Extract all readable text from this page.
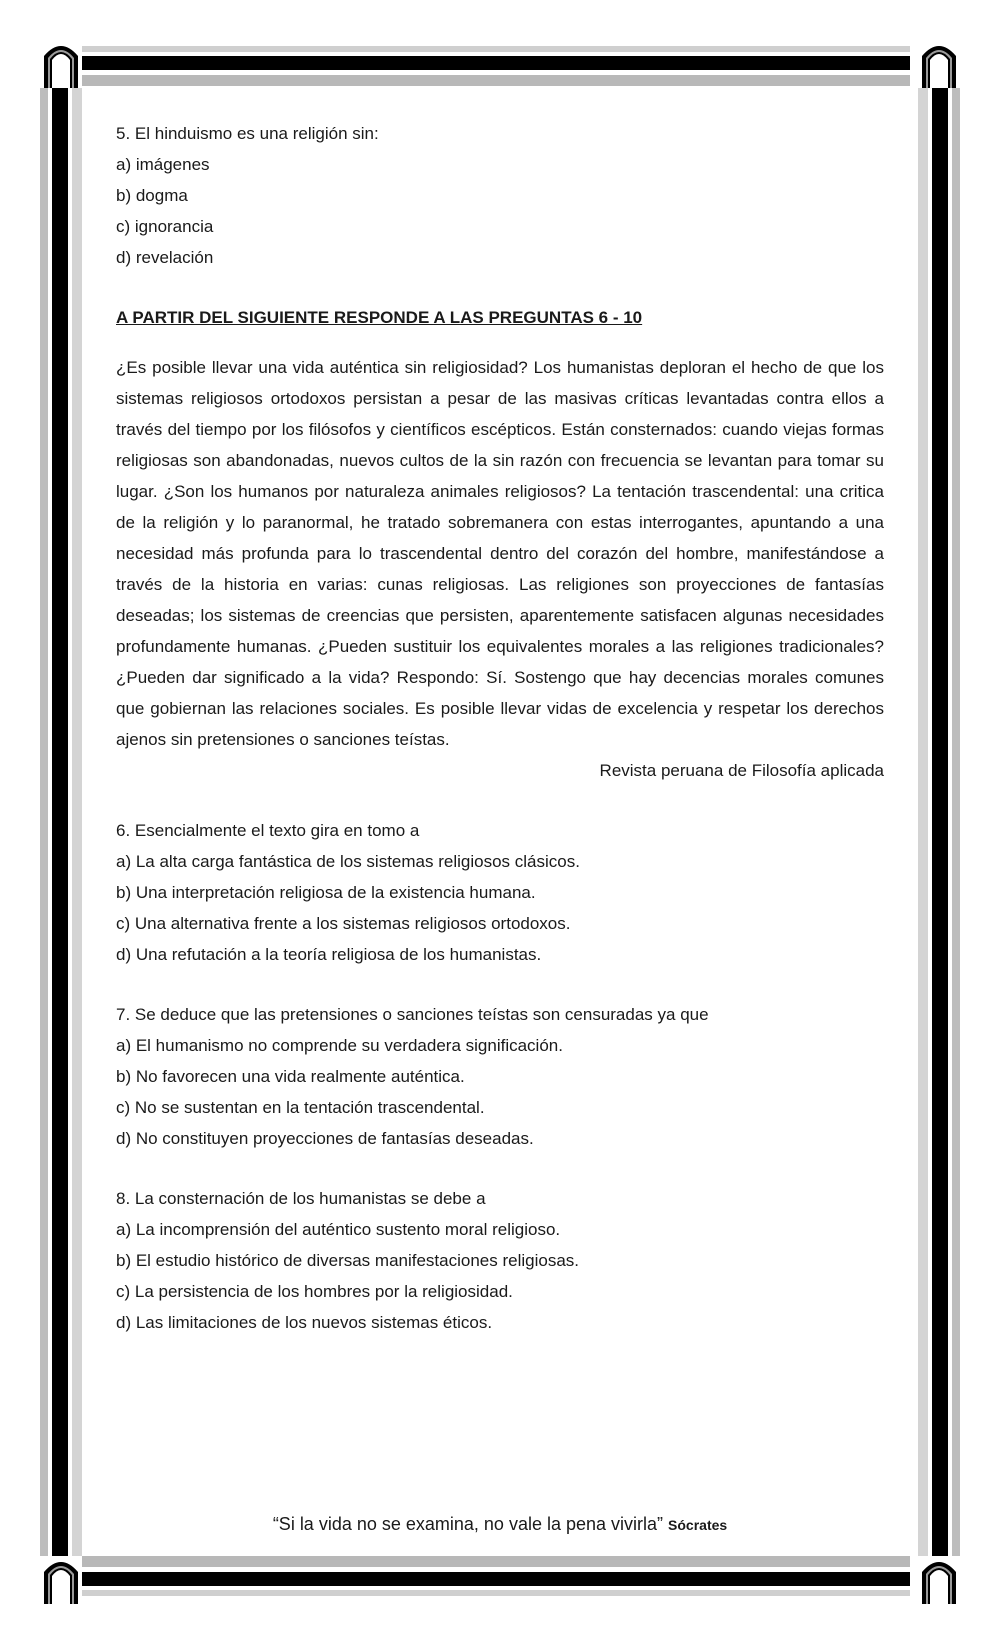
5. El hinduismo es una religión sin:
a) imágenes
b) dogma
c) ignorancia
d) revelación
A PARTIR DEL SIGUIENTE RESPONDE A LAS PREGUNTAS 6 - 10

¿Es posible llevar una vida auténtica sin religiosidad? Los humanistas deploran el hecho de que los sistemas religiosos ortodoxos persistan a pesar de las masivas críticas levantadas contra ellos a través del tiempo por los filósofos y científicos escépticos. Están consternados: cuando viejas formas religiosas son abandonadas, nuevos cultos de la sin razón con frecuencia se levantan para tomar su lugar. ¿Son los humanos por naturaleza animales religiosos? La tentación trascendental: una critica de la religión y lo paranormal, he tratado sobremanera con estas interrogantes, apuntando a una necesidad más profunda para lo trascendental dentro del corazón del hombre, manifestándose a través de la historia en varias: cunas religiosas. Las religiones son proyecciones de fantasías deseadas; los sistemas de creencias que persisten, aparentemente satisfacen algunas necesidades profundamente humanas. ¿Pueden sustituir los equivalentes morales a las religiones tradicionales? ¿Pueden dar significado a la vida? Respondo: Sí. Sostengo que hay decencias morales comunes que gobiernan las relaciones sociales. Es posible llevar vidas de excelencia y respetar los derechos ajenos sin pretensiones o sanciones teístas.

Revista peruana de Filosofía aplicada
6. Esencialmente el texto gira en tomo a
a) La alta carga fantástica de los sistemas religiosos clásicos.
b) Una interpretación religiosa de la existencia humana.
c) Una alternativa frente a los sistemas religiosos ortodoxos.
d) Una refutación a la teoría religiosa de los humanistas.
7. Se deduce que las pretensiones o sanciones teístas son censuradas ya que
a) El humanismo no comprende su verdadera significación.
b) No favorecen una vida realmente auténtica.
c) No se sustentan en la tentación trascendental.
d) No constituyen proyecciones de fantasías deseadas.
8. La consternación de los humanistas se debe a
a) La incomprensión del auténtico sustento moral religioso.
b) El estudio histórico de diversas manifestaciones religiosas.
c) La persistencia de los hombres por la religiosidad.
d) Las limitaciones de los nuevos sistemas éticos.
“Si la vida no se examina, no vale la pena vivirla” Sócrates
